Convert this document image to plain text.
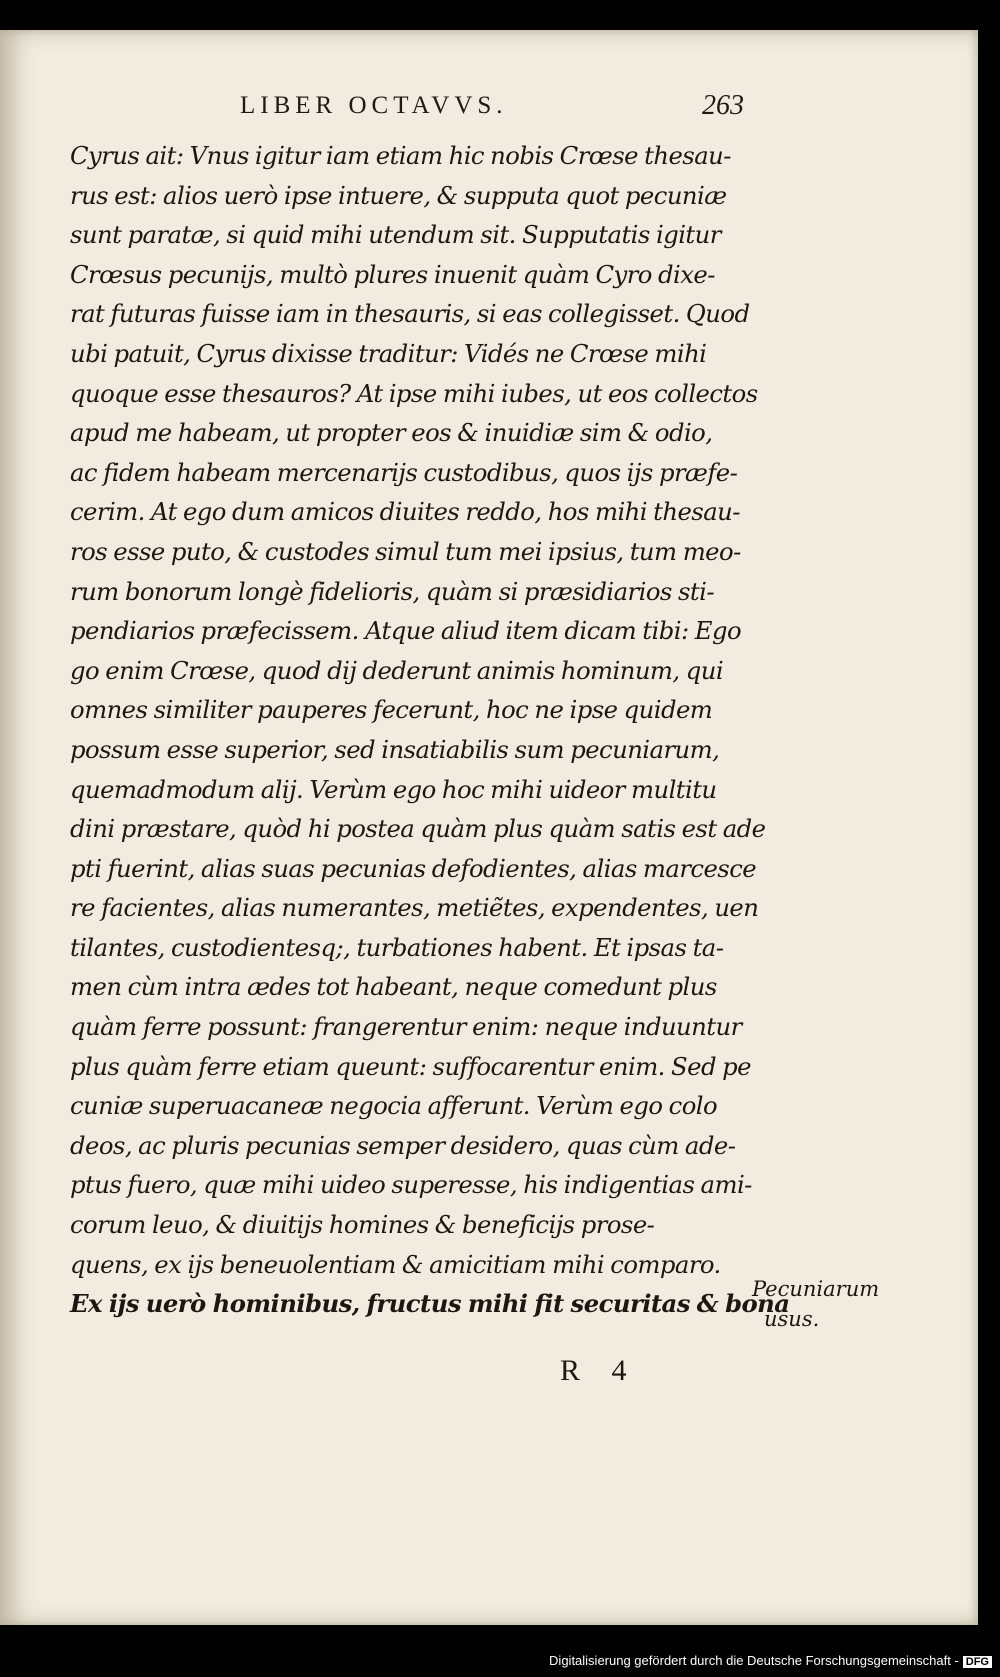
LIBER OCTAVVS.	263
Cyrus ait: Vnus igitur iam etiam hic nobis Crœse thesau-
rus est: alios uerò ipse intuere, & supputa quot pecuniæ
sunt paratæ, si quid mihi utendum sit. Supputatis igitur
Crœsus pecunijs, multò plures inuenit quàm Cyro dixe-
rat futuras fuisse iam in thesauris, si eas collegisset. Quod
ubi patuit, Cyrus dixisse traditur: Vidés ne Crœse mihi
quoque esse thesauros? At ipse mihi iubes, ut eos collectos
apud me habeam, ut propter eos & inuidiæ sim & odio,
ac fidem habeam mercenarijs custodibus, quos ijs præfe-
cerim. At ego dum amicos diuites reddo, hos mihi thesau-
ros esse puto, & custodes simul tum mei ipsius, tum meo-
rum bonorum longè fidelioris, quàm si præsidiarios sti-
pendiarios præfecissem. Atque aliud item dicam tibi: Ego
go enim Crœse, quod dij dederunt animis hominum, qui
omnes similiter pauperes fecerunt, hoc ne ipse quidem
possum esse superior, sed insatiabilis sum pecuniarum,
quemadmodum alij. Verùm ego hoc mihi uideor multitu
dini præstare, quòd hi postea quàm plus quàm satis est ade
pti fuerint, alias suas pecunias defodientes, alias marcesce
re facientes, alias numerantes, metiẽtes, expendentes, uen
tilantes, custodientesq;, turbationes habent. Et ipsas ta-
men cùm intra ædes tot habeant, neque comedunt plus
quàm ferre possunt: frangerentur enim: neque induuntur
plus quàm ferre etiam queunt: suffocarentur enim. Sed pe
cuniæ superuacaneæ negocia afferunt. Verùm ego colo
deos, ac pluris pecunias semper desidero, quas cùm ade-
ptus fuero, quæ mihi uideo superesse, his indigentias ami-
corum leuo, & diuitijs homines & beneficijs prose-
quens, ex ijs beneuolentiam & amicitiam mihi comparo.
Ex ijs uerò hominibus, fructus mihi fit securitas & bona
Pecuniarum
usus.
R 4
Digitalisierung gefördert durch die Deutsche Forschungsgemeinschaft - DFG
